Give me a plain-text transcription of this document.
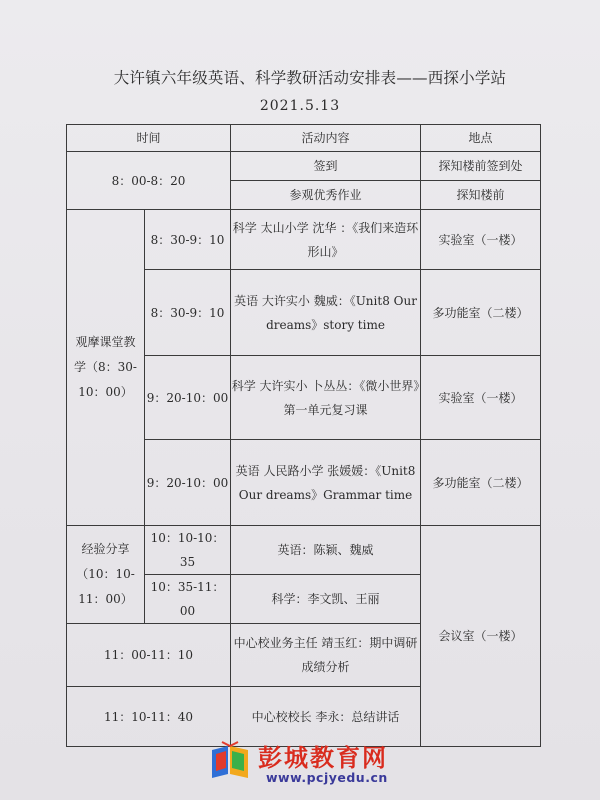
大许镇六年级英语、科学教研活动安排表——西探小学站
2021.5.13
时间		活动内容	地点
8：00-8：20		签到	探知楼前签到处
		参观优秀作业	探知楼前
观摩课堂教学（8：30-10：00）	8：30-9：10	科学 太山小学 沈华 ：《我们来造环形山》	实验室（一楼）
	8：30-9：10	英语 大许实小 魏威：《Unit8 Our dreams》story time	多功能室（二楼）
	9：20-10：00	科学 大许实小 卜丛丛：《微小世界》第一单元复习课	实验室（一楼）
	9：20-10：00	英语 人民路小学 张媛媛：《Unit8 Our dreams》Grammar time	多功能室（二楼）
经验分享（10：10-11：00）	10：10-10：35	英语：陈颖、魏威	会议室（一楼）
	10：35-11：00	科学：李文凯、王丽	
11：00-11：10		中心校业务主任 靖玉红：期中调研成绩分析	
11：10-11：40		中心校校长 李永：总结讲话	
彭城教育网
www.pcjyedu.cn
